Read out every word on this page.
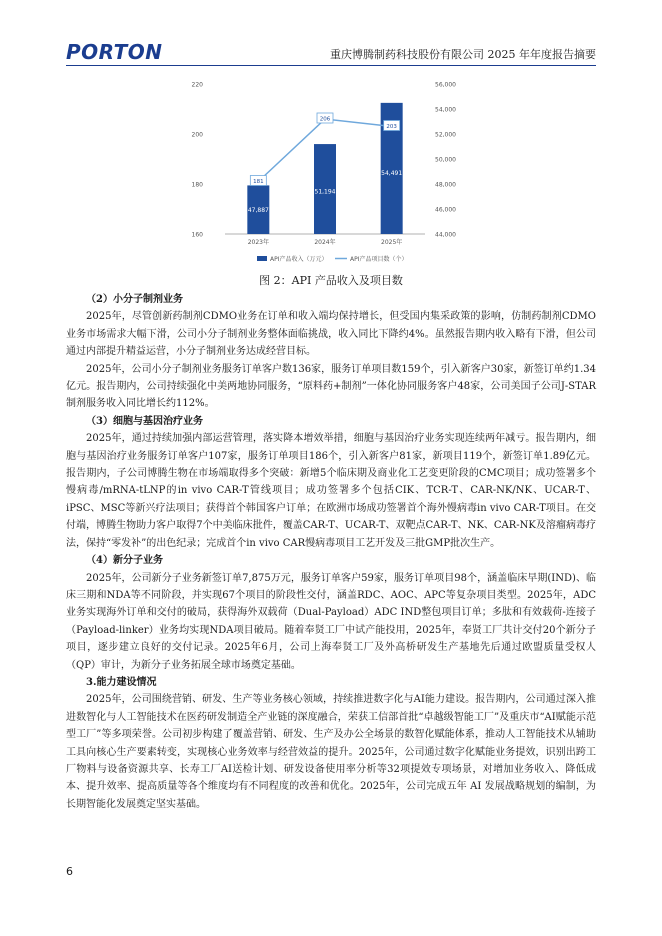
PORTON	重庆博腾制药科技股份有限公司 2025 年年度报告摘要
160
180
200
220
44,000
46,000
48,000
50,000
52,000
54,000
56,000
47,887
51,194
54,491
181
206
203
2023年	2024年	2025年
API产品收入（万元）	API产品项目数（个）
图 2：API 产品收入及项目数

（2）小分子制剂业务

2025年，尽管创新药制剂CDMO业务在订单和收入端均保持增长，但受国内集采政策的影响，仿制药制剂CDMO业务市场需求大幅下滑，公司小分子制剂业务整体面临挑战，收入同比下降约4%。虽然报告期内收入略有下滑，但公司通过内部提升精益运营，小分子制剂业务达成经营目标。

2025年，公司小分子制剂业务服务订单客户数136家，服务订单项目数159个，引入新客户30家，新签订单约1.34亿元。报告期内，公司持续强化中美两地协同服务，“原料药+制剂”一体化协同服务客户48家，公司美国子公司J-STAR制剂服务收入同比增长约112%。

（3）细胞与基因治疗业务

2025年，通过持续加强内部运营管理，落实降本增效举措，细胞与基因治疗业务实现连续两年减亏。报告期内，细胞与基因治疗业务服务订单客户107家，服务订单项目186个，引入新客户81家，新项目119个，新签订单1.89亿元。报告期内，子公司博腾生物在市场端取得多个突破：新增5个临床期及商业化工艺变更阶段的CMC项目；成功签署多个慢病毒/mRNA-tLNP的in vivo CAR-T管线项目；成功签署多个包括CIK、TCR-T、CAR-NK/NK、UCAR-T、iPSC、MSC等新兴疗法项目；获得首个韩国客户订单；在欧洲市场成功签署首个海外慢病毒in vivo CAR-T项目。在交付端，博腾生物助力客户取得7个中美临床批件，覆盖CAR-T、UCAR-T、双靶点CAR-T、NK、CAR-NK及溶瘤病毒疗法，保持“零发补”的出色纪录；完成首个in vivo CAR慢病毒项目工艺开发及三批GMP批次生产。

（4）新分子业务

2025年，公司新分子业务新签订单7,875万元，服务订单客户59家，服务订单项目98个，涵盖临床早期(IND)、临床三期和NDA等不同阶段，并实现67个项目的阶段性交付，涵盖RDC、AOC、APC等复杂项目类型。2025年，ADC业务实现海外订单和交付的破局，获得海外双载荷（Dual-Payload）ADC IND整包项目订单；多肽和有效载荷-连接子（Payload-linker）业务均实现NDA项目破局。随着奉贤工厂中试产能投用，2025年，奉贤工厂共计交付20个新分子项目，逐步建立良好的交付记录。2025年6月，公司上海奉贤工厂及外高桥研发生产基地先后通过欧盟质量受权人（QP）审计，为新分子业务拓展全球市场奠定基础。

3.能力建设情况

2025年，公司围绕营销、研发、生产等业务核心领域，持续推进数字化与AI能力建设。报告期内，公司通过深入推进数智化与人工智能技术在医药研发制造全产业链的深度融合，荣获工信部首批“卓越级智能工厂”及重庆市“AI赋能示范型工厂”等多项荣誉。公司初步构建了覆盖营销、研发、生产及办公全场景的数智化赋能体系，推动人工智能技术从辅助工具向核心生产要素转变，实现核心业务效率与经营效益的提升。2025年，公司通过数字化赋能业务提效，识别出跨工厂物料与设备资源共享、长寿工厂AI送检计划、研发设备使用率分析等32项提效专项场景，对增加业务收入、降低成本、提升效率、提高质量等各个维度均有不同程度的改善和优化。2025年，公司完成五年 AI 发展战略规划的编制，为长期智能化发展奠定坚实基础。

6
